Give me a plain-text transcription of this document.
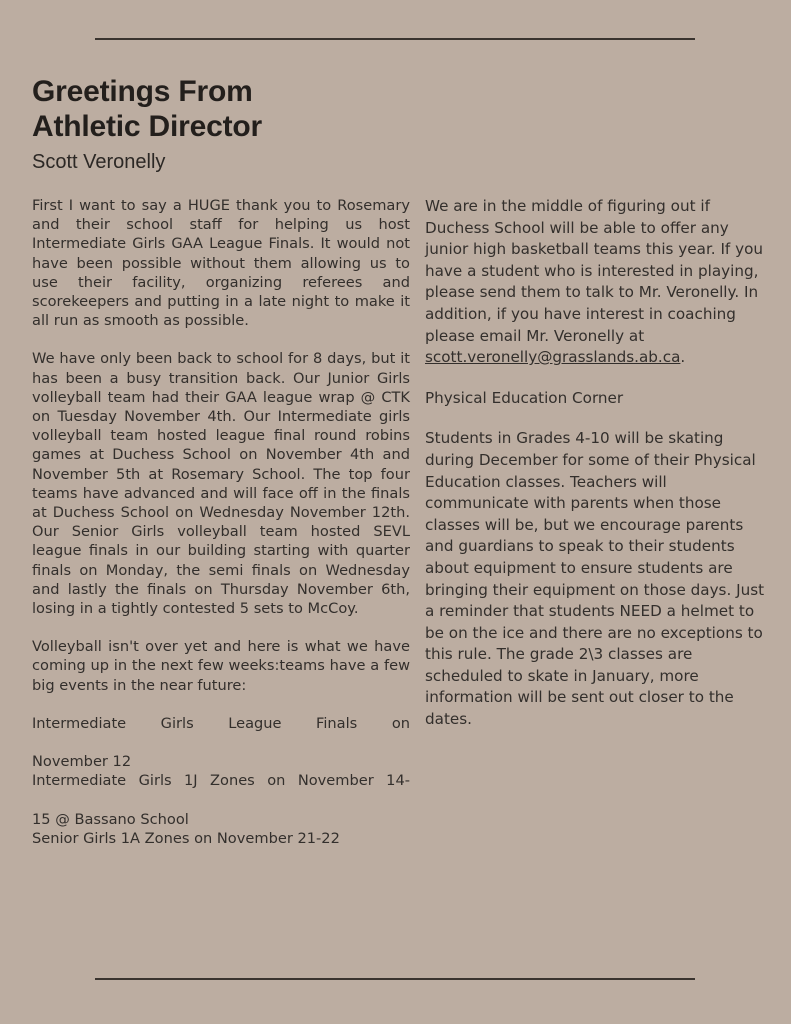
Greetings From
Athletic Director

Scott Veronelly

First I want to say a HUGE thank you to Rosemary and their school staff for helping us host Intermediate Girls GAA League Finals. It would not have been possible without them allowing us to use their facility, organizing referees and scorekeepers and putting in a late night to make it all run as smooth as possible.

We have only been back to school for 8 days, but it has been a busy transition back. Our Junior Girls volleyball team had their GAA league wrap @ CTK on Tuesday November 4th. Our Intermediate girls volleyball team hosted league final round robins games at Duchess School on November 4th and November 5th at Rosemary School. The top four teams have advanced and will face off in the finals at Duchess School on Wednesday November 12th. Our Senior Girls volleyball team hosted SEVL league finals in our building starting with quarter finals on Monday, the semi finals on Wednesday and lastly the finals on Thursday November 6th, losing in a tightly contested 5 sets to McCoy.

Volleyball isn't over yet and here is what we have coming up in the next few weeks:teams have a few big events in the near future:

Intermediate Girls League Finals on
November 12
Intermediate Girls 1J Zones on November 14-
15 @ Bassano School
Senior Girls 1A Zones on November 21-22

We are in the middle of figuring out if Duchess School will be able to offer any junior high basketball teams this year. If you have a student who is interested in playing, please send them to talk to Mr. Veronelly. In addition, if you have interest in coaching please email Mr. Veronelly at scott.veronelly@grasslands.ab.ca.

Physical Education Corner

Students in Grades 4-10 will be skating during December for some of their Physical Education classes. Teachers will communicate with parents when those classes will be, but we encourage parents and guardians to speak to their students about equipment to ensure students are bringing their equipment on those days. Just a reminder that students NEED a helmet to be on the ice and there are no exceptions to this rule. The grade 2\3 classes are scheduled to skate in January, more information will be sent out closer to the dates.
